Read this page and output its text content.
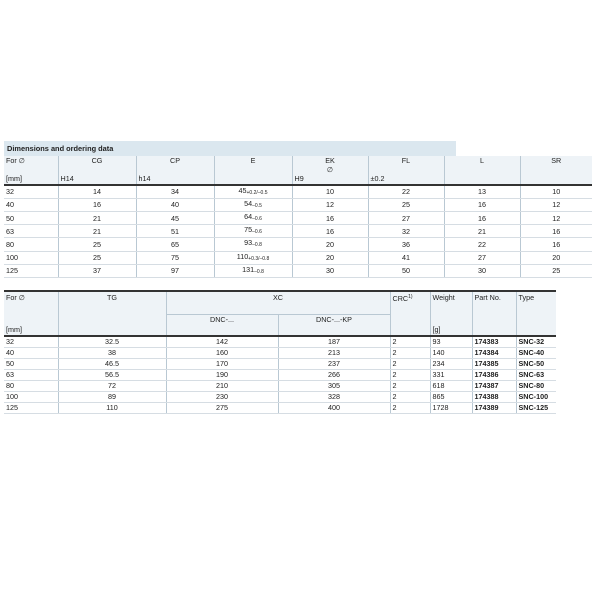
Dimensions and ordering data
For ∅	CG	CP	E	EK	FL	L	SR
				∅			
[mm]	H14	h14		H9	±0.2		
32	14	34	$45_{+0.2/-0.5}$	10	22	13	10
40	16	40	$54_{-0.5}$	12	25	16	12
50	21	45	$64_{-0.6}$	16	27	16	12
63	21	51	$75_{-0.6}$	16	32	21	16
80	25	65	$93_{-0.8}$	20	36	22	16
100	25	75	$110_{+0.3/-0.8}$	20	41	27	20
125	37	97	$131_{-0.8}$	30	50	30	25
For ∅	TG	XC		CRC$^{1)}$	Weight	Part No.	Type

		DNC-...	DNC-...-KP				
[mm]					[g]		
32	32.5	142	187	2	93	174383	SNC-32
40	38	160	213	2	140	174384	SNC-40
50	46.5	170	237	2	234	174385	SNC-50
63	56.5	190	266	2	331	174386	SNC-63
80	72	210	305	2	618	174387	SNC-80
100	89	230	328	2	865	174388	SNC-100
125	110	275	400	2	1728	174389	SNC-125
